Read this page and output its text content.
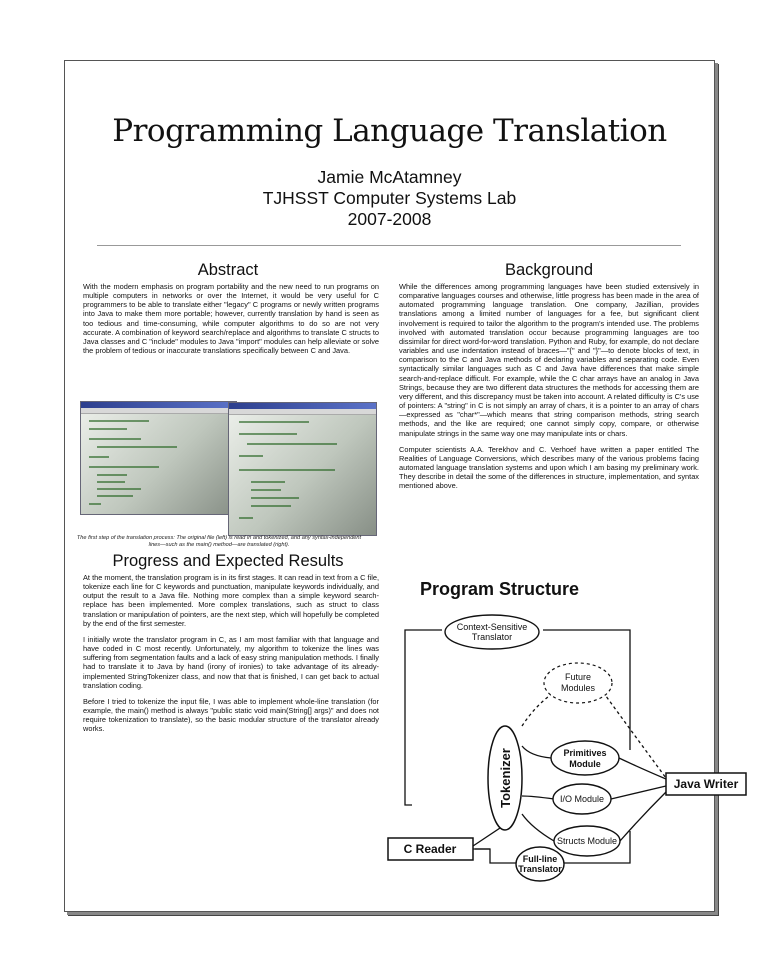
Programming Language Translation
Jamie McAtamney
TJHSST Computer Systems Lab
2007-2008
Abstract
With the modern emphasis on program portability and the new need to run programs on multiple computers in networks or over the Internet, it would be very useful for C programmers to be able to translate either "legacy" C programs or newly written programs into Java to make them more portable; however, currently translation by hand is seen as too tedious and time-consuming, while computer algorithms to do so are not very accurate. A combination of keyword search/replace and algorithms to translate C structs to Java classes and C "include" modules to Java "import" modules can help alleviate or solve the problem of tedious or inaccurate translations specifically between C and Java.
The first step of the translation process: The original file (left) is read in and tokenized, and any syntax-independent lines—such as the main() method—are translated (right).
Progress and Expected Results

At the moment, the translation program is in its first stages. It can read in text from a C file, tokenize each line for C keywords and punctuation, manipulate keywords individually, and output the result to a Java file. Nothing more complex than a simple keyword search-replace has been implemented. More complex translations, such as struct to class translation or manipulation of pointers, are the next step, which will hopefully be completed by the end of the first semester.

I initially wrote the translator program in C, as I am most familiar with that language and have coded in C most recently. Unfortunately, my algorithm to tokenize the lines was suffering from segmentation faults and a lack of easy string manipulation methods. I finally had to translate it to Java by hand (irony of ironies) to take advantage of its already-implemented StringTokenizer class, and now that that is finished, I can get back to actual translation coding.

Before I tried to tokenize the input file, I was able to implement whole-line translation (for example, the main() method is always "public static void main(String[] args)" and does not require tokenization to translate), so the basic modular structure of the translator already works.

Background

While the differences among programming languages have been studied extensively in comparative languages courses and otherwise, little progress has been made in the area of automated programming language translation. One company, Jazillian, provides translations among a limited number of languages for a fee, but significant client involvement is required to tailor the algorithm to the program's intended use. The problems involved with automated translation occur because programming languages are too dissimilar for direct word-for-word translation. Python and Ruby, for example, do not declare variables and use indentation instead of braces—"{" and "}"—to denote blocks of text, in comparison to the C and Java methods of declaring variables and separating code. Even syntactically similar languages such as C and Java have differences that make simple search-and-replace difficult. For example, while the C char arrays have an analog in Java Strings, because they are two different data structures the methods for accessing them are very different, and this discrepancy must be taken into account. A related difficulty is C's use of pointers: A "string" in C is not simply an array of chars, it is a pointer to an array of chars—expressed as "char*"—which means that string comparison methods, string search methods, and the like are required; one cannot simply copy, compare, or otherwise manipulate strings in the same way one may manipulate ints or chars.

Computer scientists A.A. Terekhov and C. Verhoef have written a paper entitled The Realities of Language Conversions, which describes many of the various problems facing automated language translation systems and upon which I am basing my preliminary work. They describe in detail the some of the differences in structure, implementation, and syntax mentioned above.

Program Structure
Context-Sensitive
Translator
Future
Modules
Tokenizer	Primitives
Module
I/O Module
Structs Module
Java Writer
C Reader
Full-line
Translator
